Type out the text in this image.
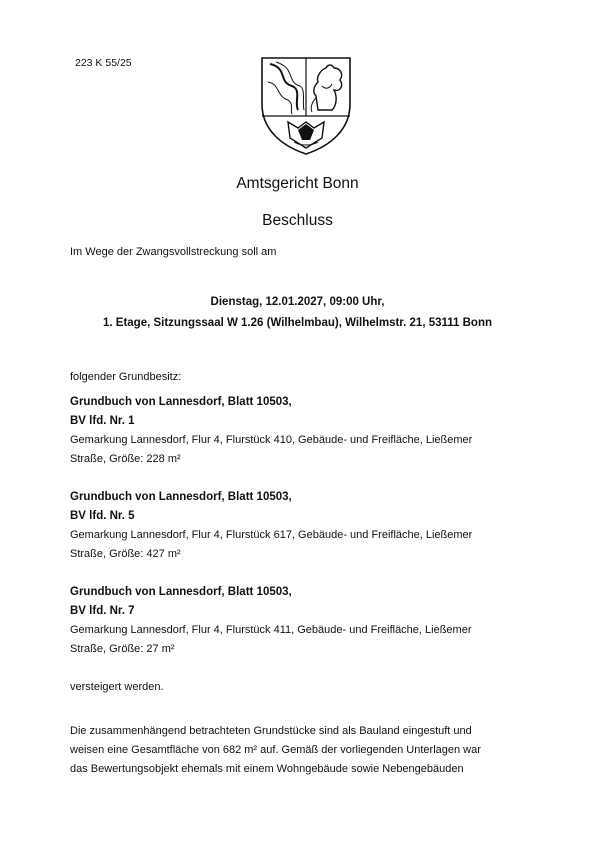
223 K 55/25
Amtsgericht Bonn
Beschluss
Im Wege der Zwangsvollstreckung soll am
Dienstag, 12.01.2027, 09:00 Uhr,
1. Etage, Sitzungssaal W 1.26 (Wilhelmbau), Wilhelmstr. 21, 53111 Bonn
folgender Grundbesitz:
Grundbuch von Lannesdorf, Blatt 10503,
BV lfd. Nr. 1
Gemarkung Lannesdorf, Flur 4, Flurstück 410, Gebäude- und Freifläche, Ließemer
Straße, Größe: 228 m²
Grundbuch von Lannesdorf, Blatt 10503,
BV lfd. Nr. 5
Gemarkung Lannesdorf, Flur 4, Flurstück 617, Gebäude- und Freifläche, Ließemer
Straße, Größe: 427 m²
Grundbuch von Lannesdorf, Blatt 10503,
BV lfd. Nr. 7
Gemarkung Lannesdorf, Flur 4, Flurstück 411, Gebäude- und Freifläche, Ließemer
Straße, Größe: 27 m²
versteigert werden.
Die zusammenhängend betrachteten Grundstücke sind als Bauland eingestuft und
weisen eine Gesamtfläche von 682 m² auf. Gemäß der vorliegenden Unterlagen war
das Bewertungsobjekt ehemals mit einem Wohngebäude sowie Nebengebäuden
